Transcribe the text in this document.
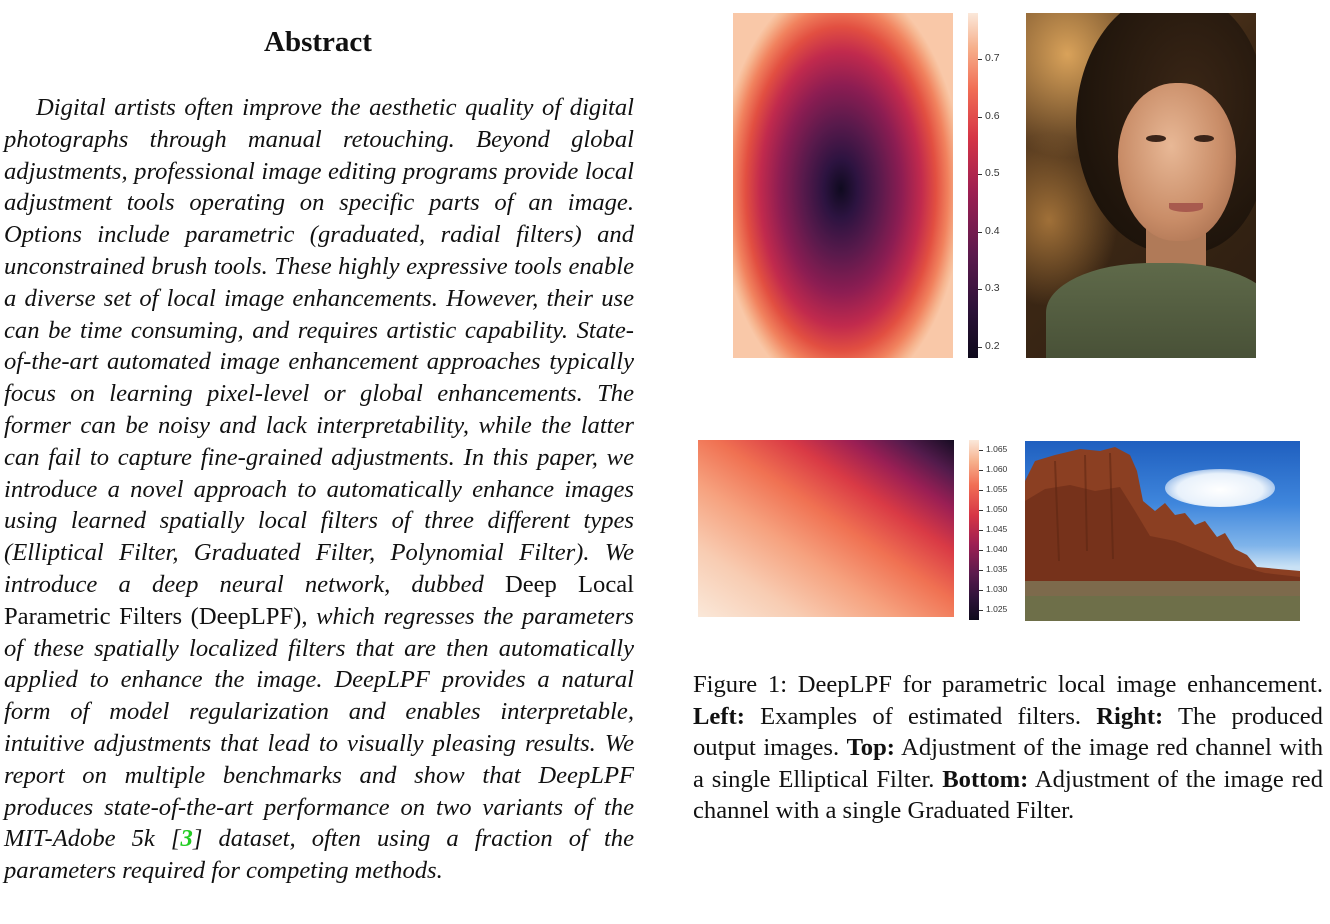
Abstract

Digital artists often improve the aesthetic quality of digital photographs through manual retouching. Beyond global adjustments, professional image editing programs provide local adjustment tools operating on specific parts of an image. Options include parametric (graduated, radial filters) and unconstrained brush tools. These highly expressive tools enable a diverse set of local image enhancements. However, their use can be time consuming, and requires artistic capability. State-of-the-art automated image enhancement approaches typically focus on learning pixel-level or global enhancements. The former can be noisy and lack interpretability, while the latter can fail to capture fine-grained adjustments. In this paper, we introduce a novel approach to automatically enhance images using learned spatially local filters of three different types (Elliptical Filter, Graduated Filter, Polynomial Filter). We introduce a deep neural network, dubbed Deep Local Parametric Filters (DeepLPF), which regresses the parameters of these spatially localized filters that are then automatically applied to enhance the image. DeepLPF provides a natural form of model regularization and enables interpretable, intuitive adjustments that lead to visually pleasing results. We report on multiple benchmarks and show that DeepLPF produces state-of-the-art performance on two variants of the MIT-Adobe 5k [3] dataset, often using a fraction of the parameters required for competing methods.

0.7
0.6
0.5
0.4
0.3
0.2
1.065
1.060
1.055
1.050
1.045
1.040
1.035
1.030
1.025

Figure 1: DeepLPF for parametric local image enhancement. Left: Examples of estimated filters. Right: The produced output images. Top: Adjustment of the image red channel with a single Elliptical Filter. Bottom: Adjustment of the image red channel with a single Graduated Filter.
